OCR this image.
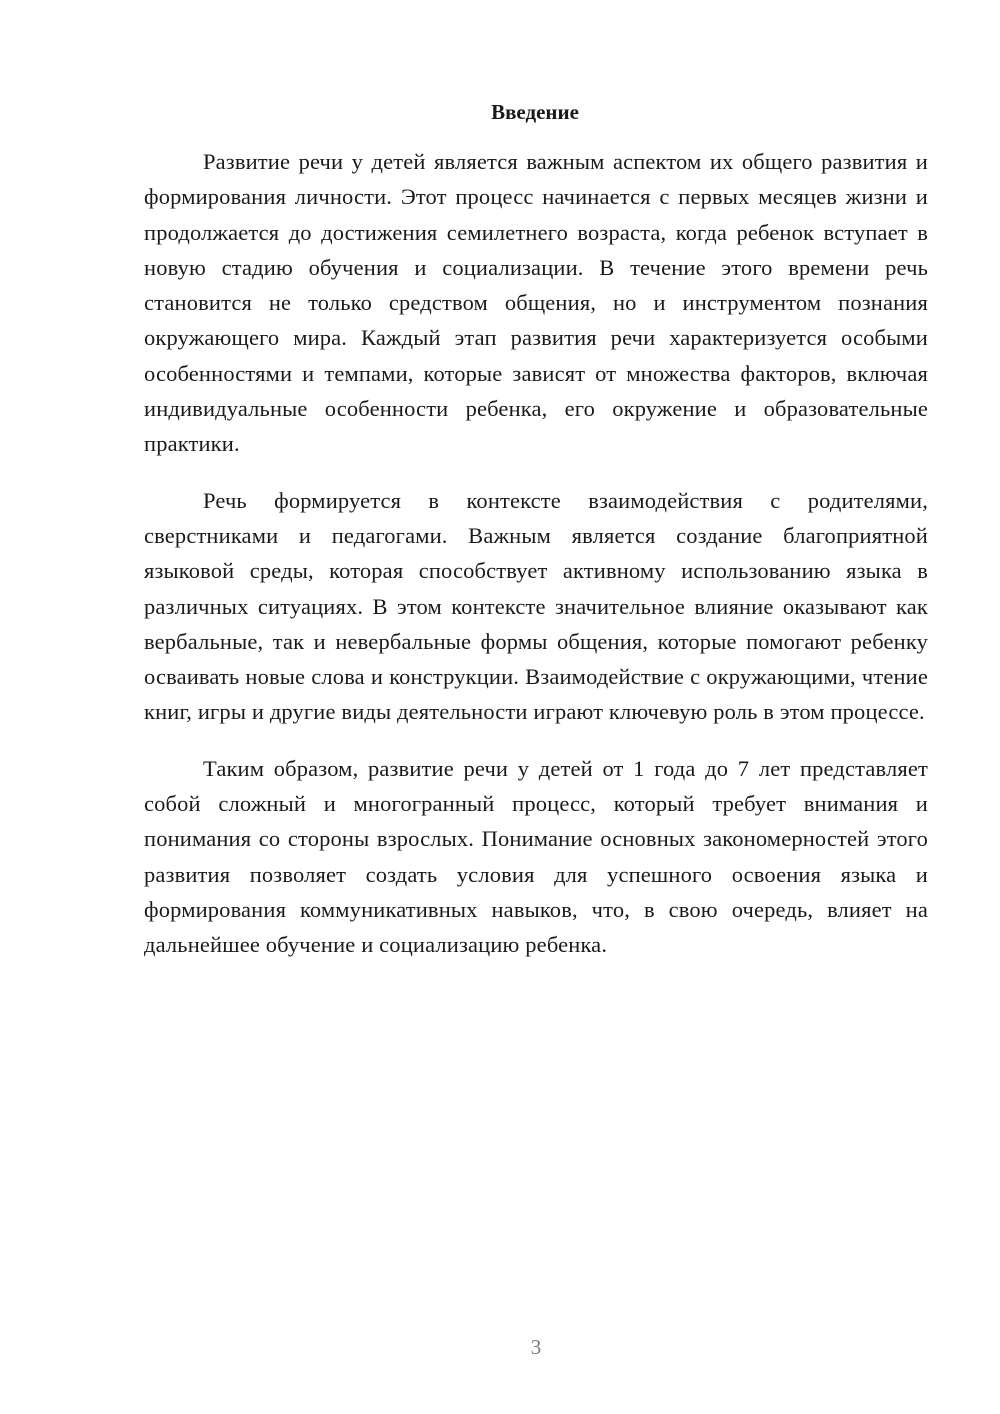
Введение

Развитие речи у детей является важным аспектом их общего развития и формирования личности. Этот процесс начинается с первых месяцев жизни и продолжается до достижения семилетнего возраста, когда ребенок вступает в новую стадию обучения и социализации. В течение этого времени речь становится не только средством общения, но и инструментом познания окружающего мира. Каждый этап развития речи характеризуется особыми особенностями и темпами, которые зависят от множества факторов, включая индивидуальные особенности ребенка, его окружение и образовательные практики.

Речь формируется в контексте взаимодействия с родителями, сверстниками и педагогами. Важным является создание благоприятной языковой среды, которая способствует активному использованию языка в различных ситуациях. В этом контексте значительное влияние оказывают как вербальные, так и невербальные формы общения, которые помогают ребенку осваивать новые слова и конструкции. Взаимодействие с окружающими, чтение книг, игры и другие виды деятельности играют ключевую роль в этом процессе.

Таким образом, развитие речи у детей от 1 года до 7 лет представляет собой сложный и многогранный процесс, который требует внимания и понимания со стороны взрослых. Понимание основных закономерностей этого развития позволяет создать условия для успешного освоения языка и формирования коммуникативных навыков, что, в свою очередь, влияет на дальнейшее обучение и социализацию ребенка.

3
